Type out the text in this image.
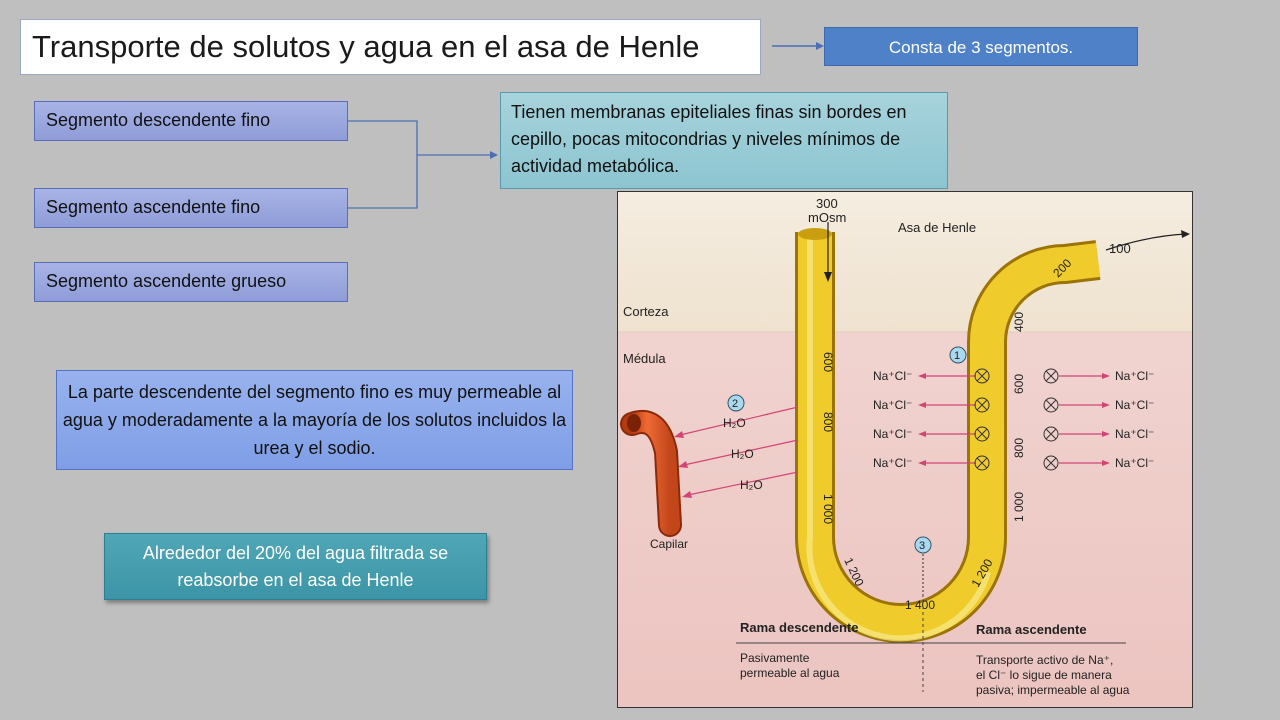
Transporte de solutos y agua en el asa de Henle	Consta de 3 segmentos.
Segmento descendente fino
Segmento ascendente fino
Segmento ascendente grueso
Tienen membranas epiteliales finas sin bordes en cepillo, pocas mitocondrias y niveles mínimos de actividad metabólica.
La parte descendente del segmento fino es muy permeable al agua y moderadamente a la mayoría de los solutos incluidos la urea y el sodio.
Alrededor del 20% del agua filtrada se reabsorbe en el asa de Henle
Corteza
Médula
300
mOsm
Asa de Henle
100
600
800
1 000
1 200
1 400
200
400
600
800
1 000
1 200
1
2
3
Na⁺Cl⁻	Na⁺Cl⁻
Na⁺Cl⁻	Na⁺Cl⁻
Na⁺Cl⁻	Na⁺Cl⁻
Na⁺Cl⁻	Na⁺Cl⁻
H₂O
H₂O
H₂O
Capilar
Rama descendente	Rama ascendente
Pasivamente
permeable al agua
Transporte activo de Na⁺,
el Cl⁻ lo sigue de manera
pasiva; impermeable al agua
